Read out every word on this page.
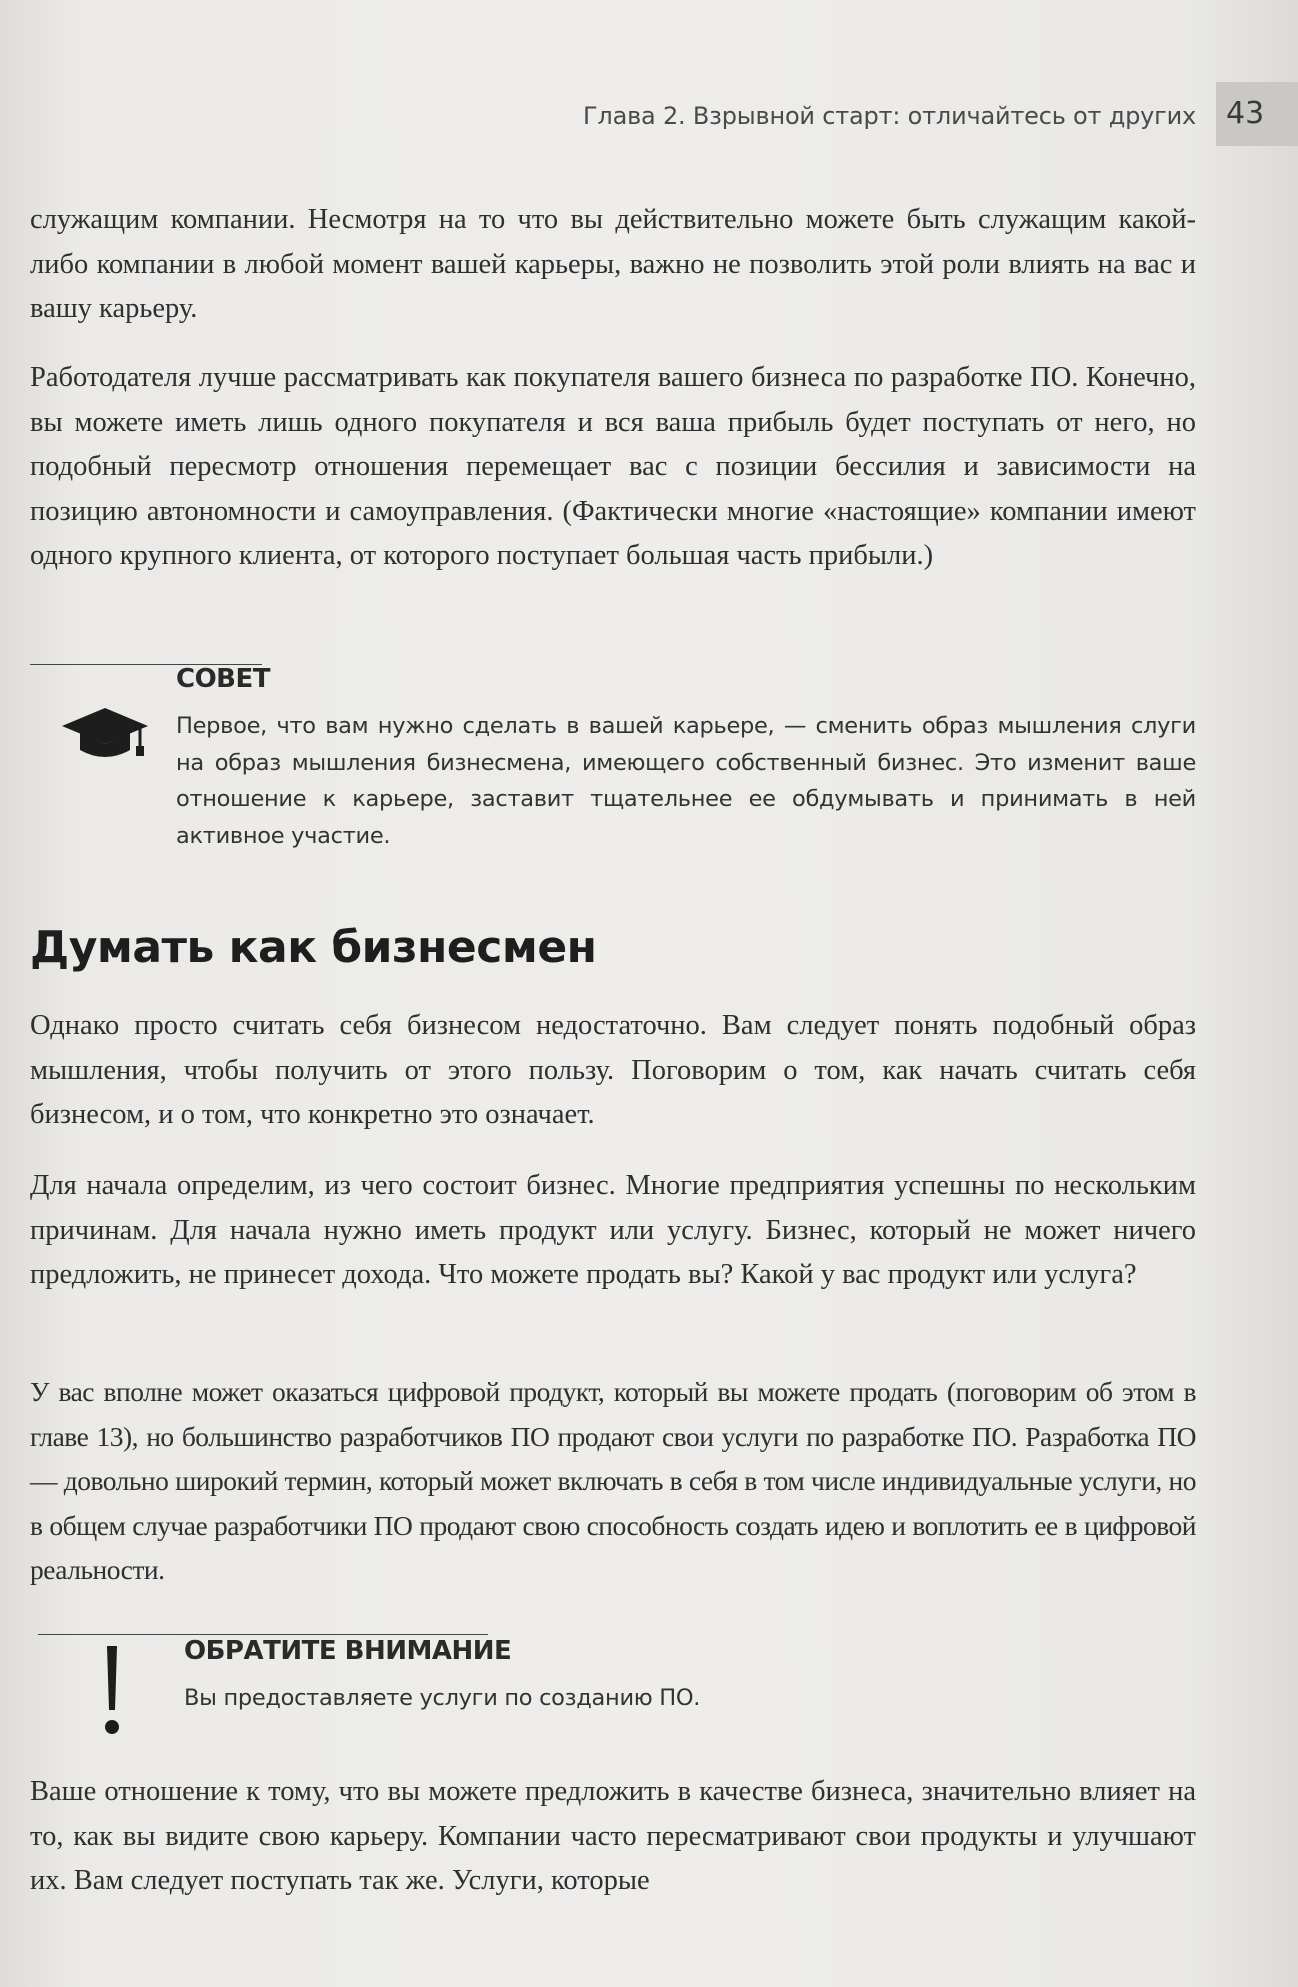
Глава 2. Взрывной старт: отличайтесь от других	43

служащим компании. Несмотря на то что вы действительно можете быть служащим какой-либо компании в любой момент вашей карьеры, важно не позволить этой роли влиять на вас и вашу карьеру.

Работодателя лучше рассматривать как покупателя вашего бизнеса по разработке ПО. Конечно, вы можете иметь лишь одного покупателя и вся ваша прибыль будет поступать от него, но подобный пересмотр отношения перемещает вас с позиции бессилия и зависимости на позицию автономности и самоуправления. (Фактически многие «настоящие» компании имеют одного крупного клиента, от которого поступает большая часть прибыли.)

СОВЕТ

Первое, что вам нужно сделать в вашей карьере, — сменить образ мышления слуги на образ мышления бизнесмена, имеющего собственный бизнес. Это изменит ваше отношение к карьере, заставит тщательнее ее обдумывать и принимать в ней активное участие.

Думать как бизнесмен

Однако просто считать себя бизнесом недостаточно. Вам следует понять подобный образ мышления, чтобы получить от этого пользу. Поговорим о том, как начать считать себя бизнесом, и о том, что конкретно это означает.

Для начала определим, из чего состоит бизнес. Многие предприятия успешны по нескольким причинам. Для начала нужно иметь продукт или услугу. Бизнес, который не может ничего предложить, не принесет дохода. Что можете продать вы? Какой у вас продукт или услуга?

У вас вполне может оказаться цифровой продукт, который вы можете продать (поговорим об этом в главе 13), но большинство разработчиков ПО продают свои услуги по разработке ПО. Разработка ПО — довольно широкий термин, который может включать в себя в том числе индивидуальные услуги, но в общем случае разработчики ПО продают свою способность создать идею и воплотить ее в цифровой реальности.

ОБРАТИТЕ ВНИМАНИЕ

Вы предоставляете услуги по созданию ПО.

Ваше отношение к тому, что вы можете предложить в качестве бизнеса, значительно влияет на то, как вы видите свою карьеру. Компании часто пересматривают свои продукты и улучшают их. Вам следует поступать так же. Услуги, которые
